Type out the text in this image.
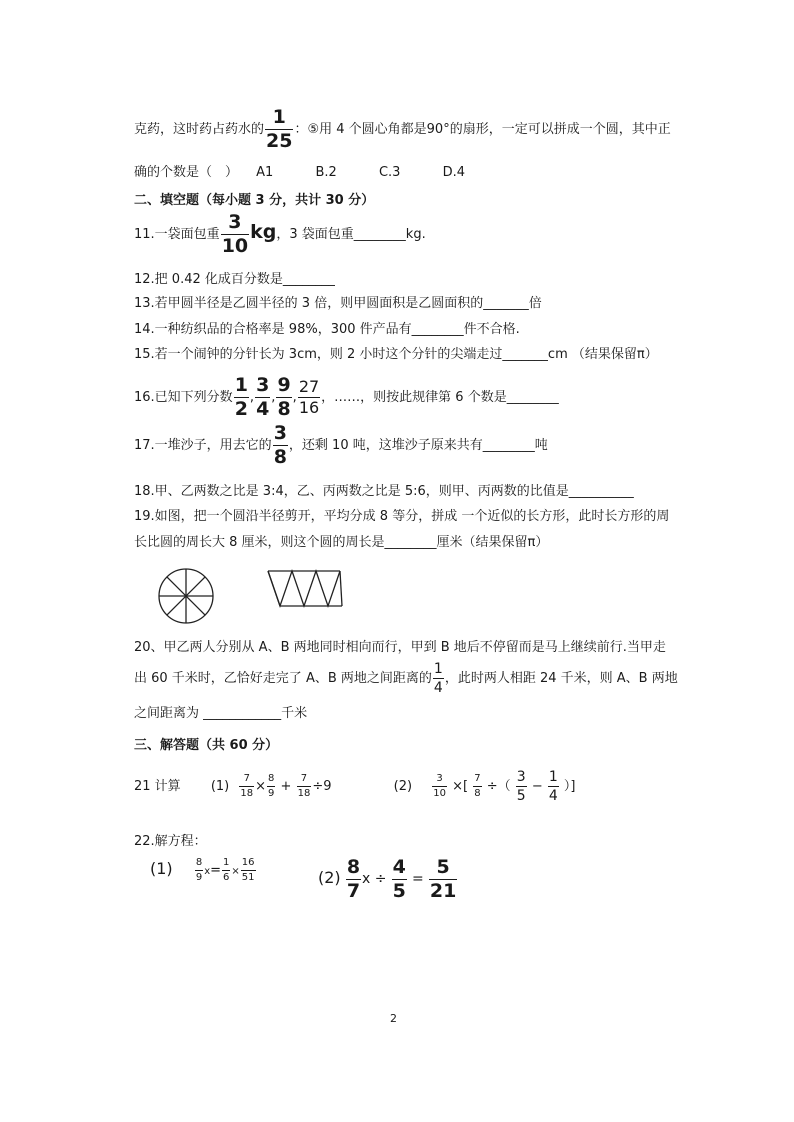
克药，这时药占药水的 $\frac{1}{25}$ ：⑤用 4 个圆心角都是90°的扇形，一定可以拼成一个圆，其中正
确的个数是（　） A1	B.2	C.3	D.4
二、填空题（每小题 3 分，共计 30 分）
11.一袋面包重 $\frac{3}{10}$ kg，3 袋面包重________kg.
12.把 0.42 化成百分数是________
13.若甲圆半径是乙圆半径的 3 倍，则甲圆面积是乙圆面积的_______倍
14.一种纺织品的合格率是 98%，300 件产品有________件不合格.
15.若一个闹钟的分针长为 3cm，则 2 小时这个分针的尖端走过_______cm （结果保留π）
16.已知下列分数 $\frac{1}{2}$ , $\frac{3}{4}$ , $\frac{9}{8}$ , $\frac{27}{16}$ ，……，则按此规律第 6 个数是________
17.一堆沙子，用去它的 $\frac{3}{8}$ ，还剩 10 吨，这堆沙子原来共有________吨
18.甲、乙两数之比是 3:4，乙、丙两数之比是 5:6，则甲、丙两数的比值是__________
19.如图，把一个圆沿半径剪开，平均分成 8 等分，拼成 一个近似的长方形，此时长方形的周
长比圆的周长大 8 厘米，则这个圆的周长是________厘米（结果保留π）
20、甲乙两人分别从 A、B 两地同时相向而行，甲到 B 地后不停留而是马上继续前行.当甲走
出 60 千米时，乙恰好走完了 A、B 两地之间距离的 $\frac{1}{4}$ ，此时两人相距 24 千米，则 A、B 两地
之间距离为 ____________千米
三、解答题（共 60 分）
21 计算 $(1) \frac{7}{18} \times \frac{8}{9} + \frac{7}{18} \div 9$	$(2) \frac{3}{10}$ ×[ $\frac{7}{8}$ ÷（ $\frac{3}{5} - \frac{1}{4}$ ）]
22.解方程：
$(1) \frac{8}{9} x= \frac{1}{6} \times \frac{16}{51}$	$(2) \frac{8}{7}$ $x \div \frac{4}{5} = \frac{5}{21}$
2
